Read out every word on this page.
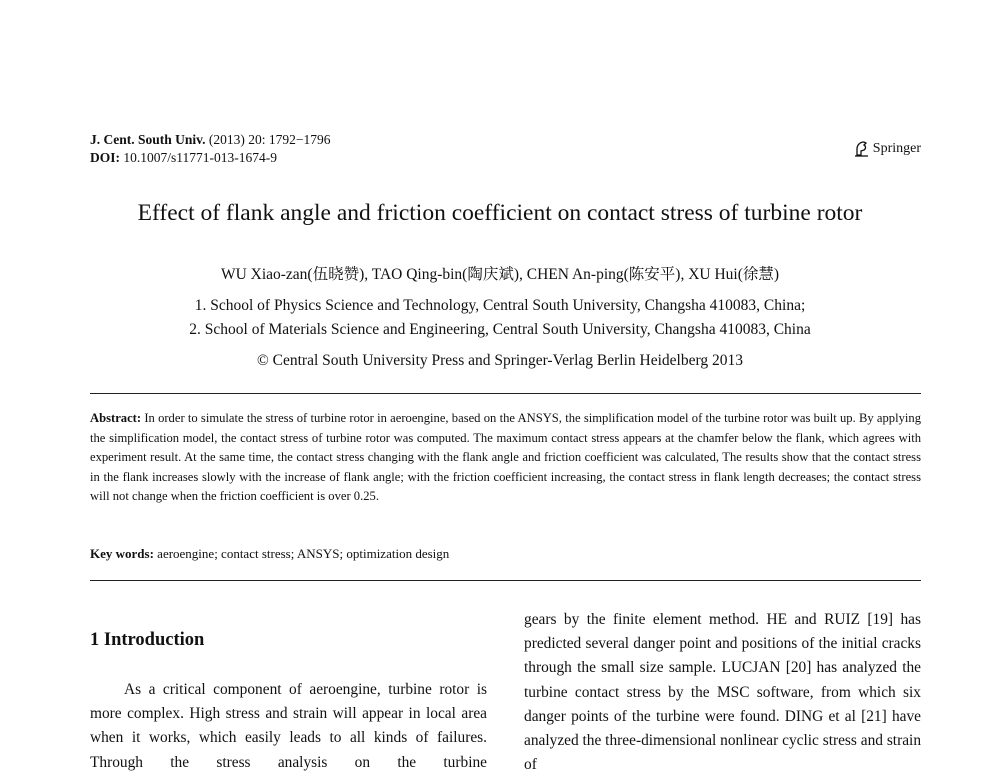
J. Cent. South Univ. (2013) 20: 1792−1796
DOI: 10.1007/s11771-013-1674-9
Springer
Effect of flank angle and friction coefficient on contact stress of turbine rotor
WU Xiao-zan(伍晓赞), TAO Qing-bin(陶庆斌), CHEN An-ping(陈安平), XU Hui(徐慧)
1. School of Physics Science and Technology, Central South University, Changsha 410083, China;
2. School of Materials Science and Engineering, Central South University, Changsha 410083, China
© Central South University Press and Springer-Verlag Berlin Heidelberg 2013
Abstract: In order to simulate the stress of turbine rotor in aeroengine, based on the ANSYS, the simplification model of the turbine rotor was built up. By applying the simplification model, the contact stress of turbine rotor was computed. The maximum contact stress appears at the chamfer below the flank, which agrees with experiment result. At the same time, the contact stress changing with the flank angle and friction coefficient was calculated, The results show that the contact stress in the flank increases slowly with the increase of flank angle; with the friction coefficient increasing, the contact stress in flank length decreases; the contact stress will not change when the friction coefficient is over 0.25.
Key words: aeroengine; contact stress; ANSYS; optimization design
1 Introduction
As a critical component of aeroengine, turbine rotor is more complex. High stress and strain will appear in local area when it works, which easily leads to all kinds of failures. Through the stress analysis on the turbine
gears by the finite element method. HE and RUIZ [19] has predicted several danger point and positions of the initial cracks through the small size sample. LUCJAN [20] has analyzed the turbine contact stress by the MSC software, from which six danger points of the turbine were found. DING et al [21] have analyzed the three-dimensional nonlinear cyclic stress and strain of
